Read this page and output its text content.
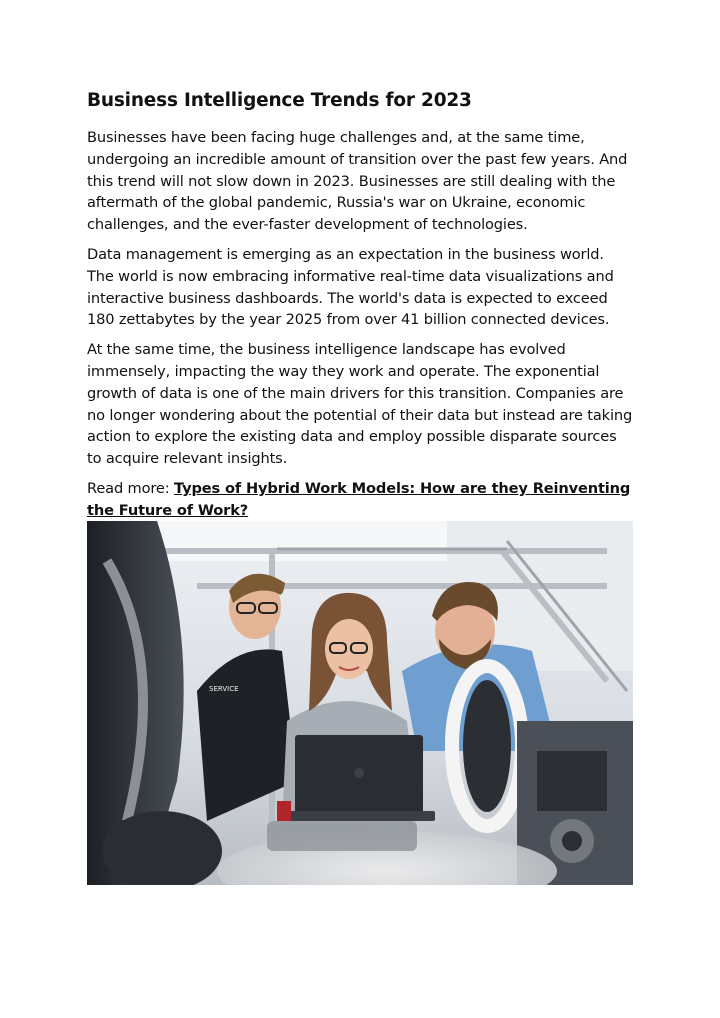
Business Intelligence Trends for 2023

Businesses have been facing huge challenges and, at the same time, undergoing an incredible amount of transition over the past few years. And this trend will not slow down in 2023. Businesses are still dealing with the aftermath of the global pandemic, Russia's war on Ukraine, economic challenges, and the ever-faster development of technologies.

Data management is emerging as an expectation in the business world. The world is now embracing informative real-time data visualizations and interactive business dashboards. The world's data is expected to exceed 180 zettabytes by the year 2025 from over 41 billion connected devices.

At the same time, the business intelligence landscape has evolved immensely, impacting the way they work and operate. The exponential growth of data is one of the main drivers for this transition. Companies are no longer wondering about the potential of their data but instead are taking action to explore the existing data and employ possible disparate sources to acquire relevant insights.

Read more: Types of Hybrid Work Models: How are they Reinventing the Future of Work?

SERVICE
